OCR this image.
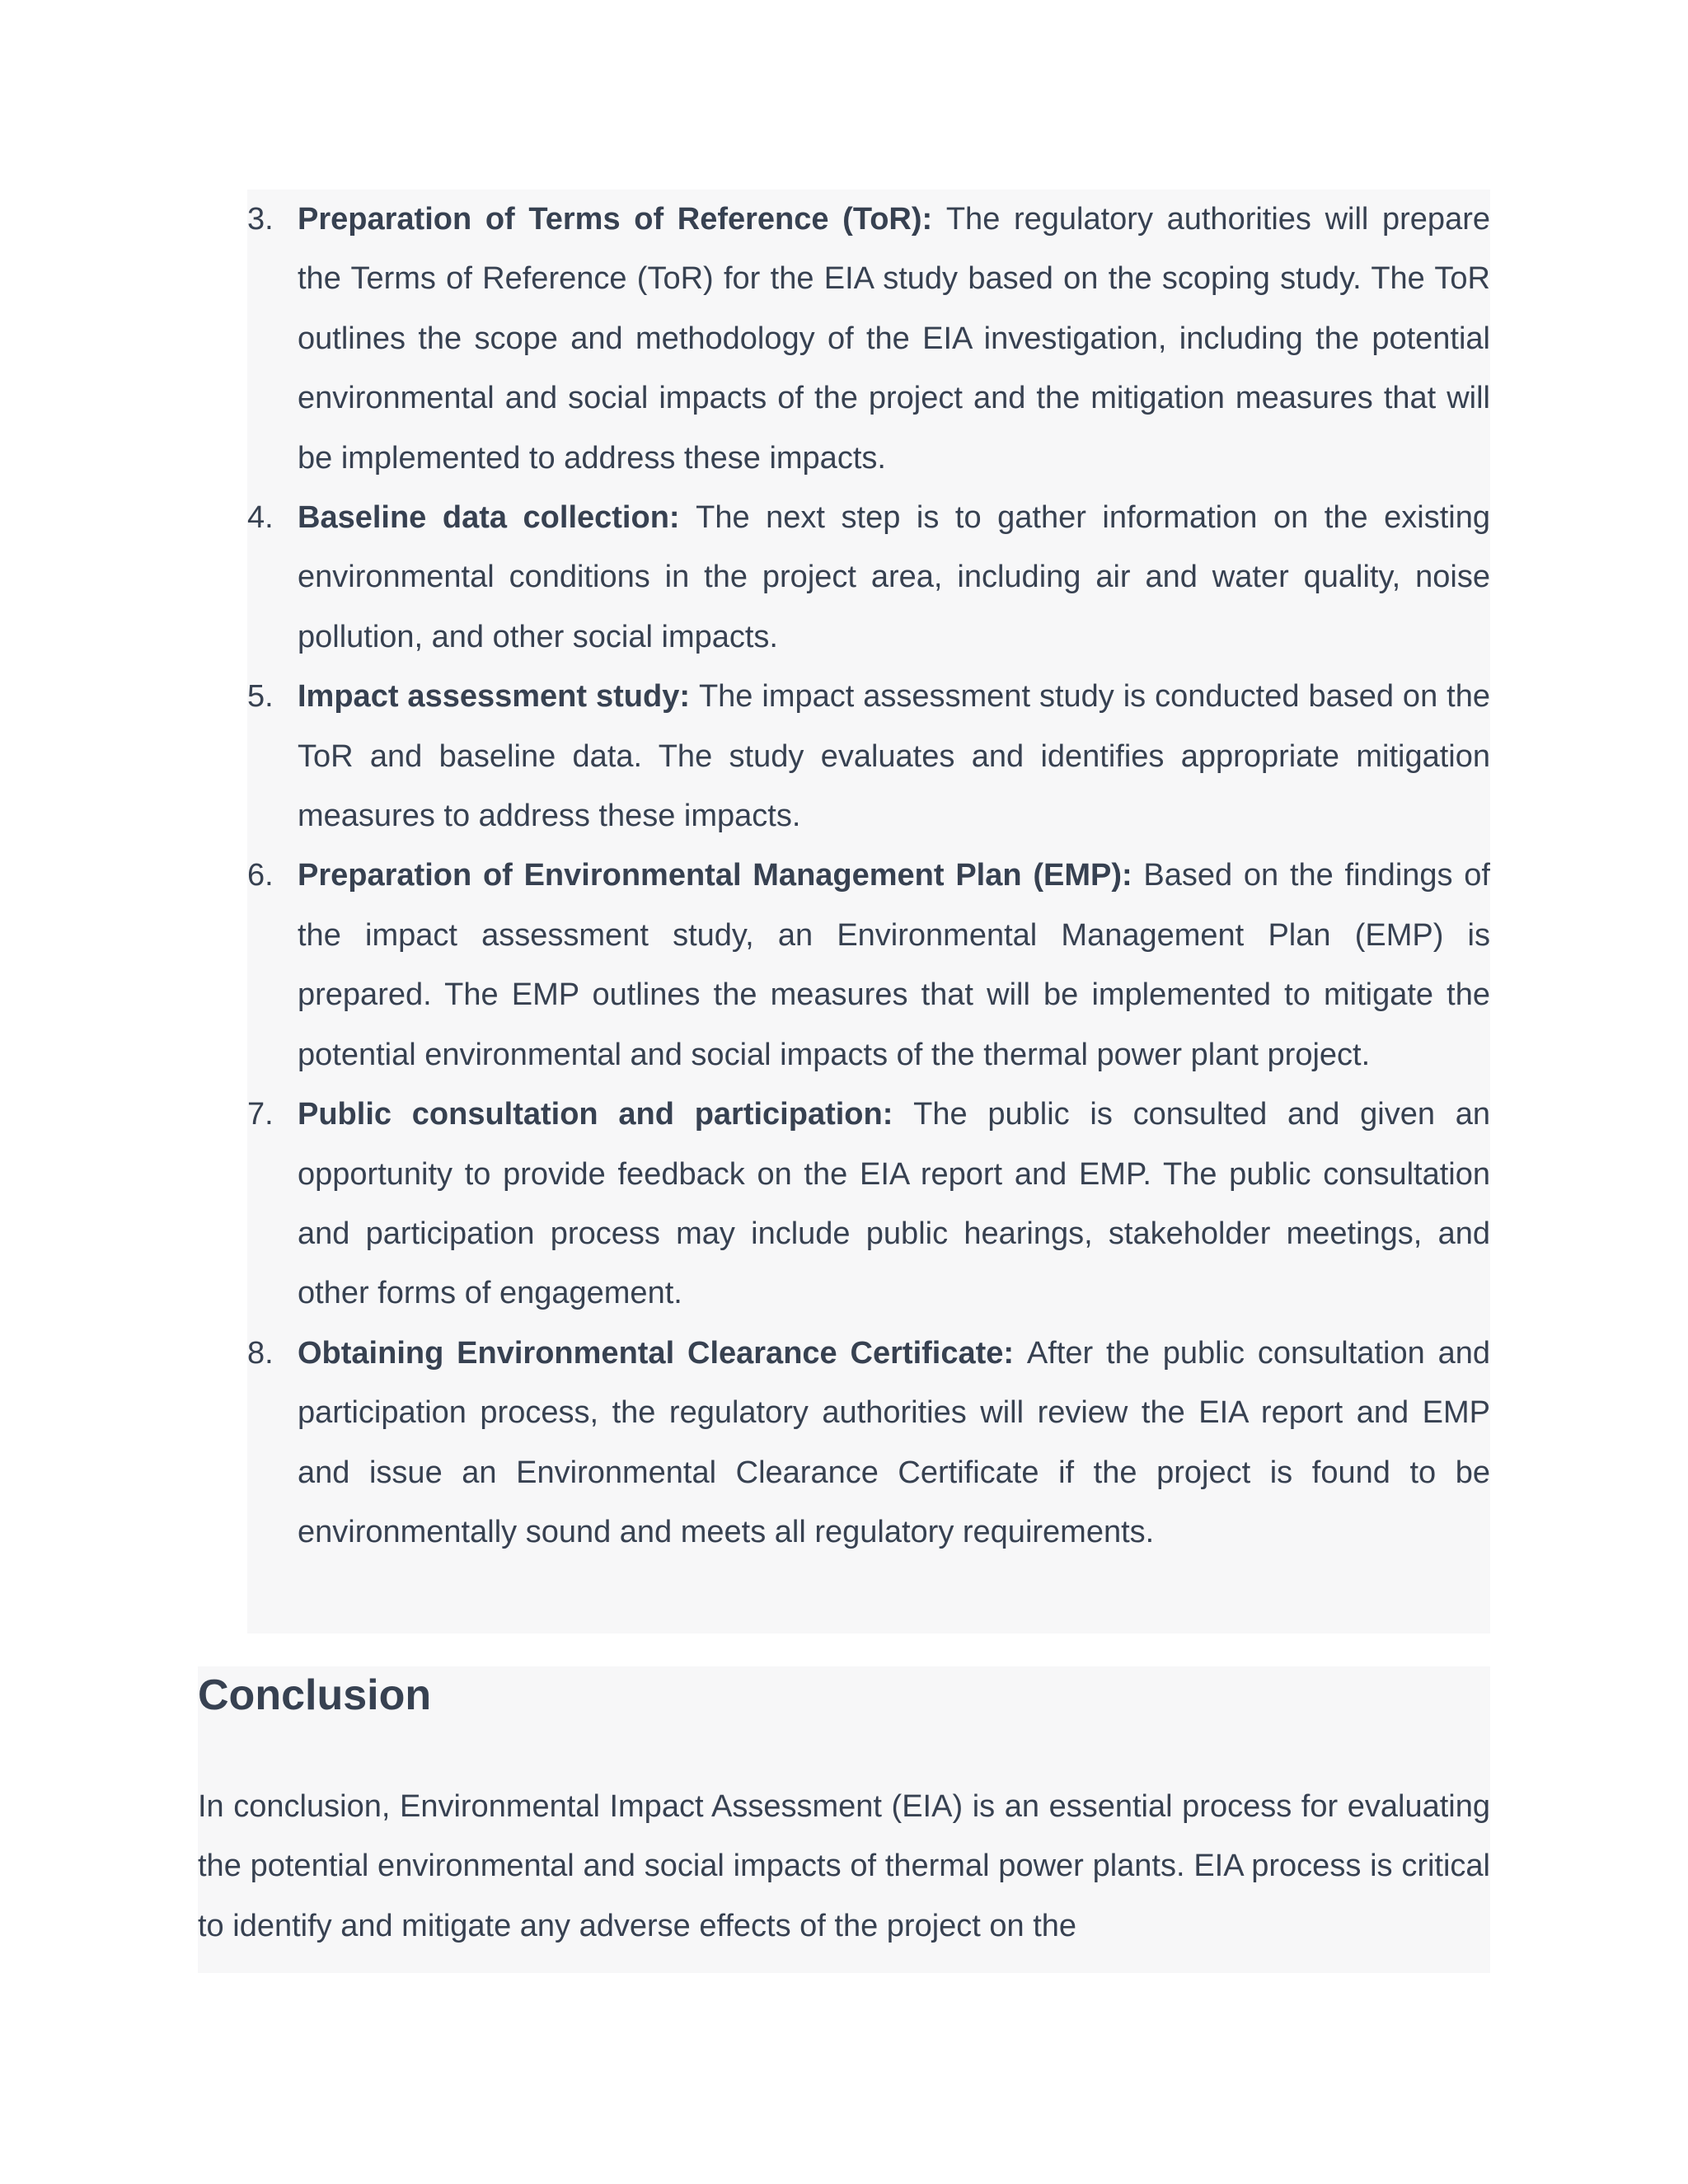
3. Preparation of Terms of Reference (ToR): The regulatory authorities will prepare the Terms of Reference (ToR) for the EIA study based on the scoping study. The ToR outlines the scope and methodology of the EIA investigation, including the potential environmental and social impacts of the project and the mitigation measures that will be implemented to address these impacts.
4. Baseline data collection: The next step is to gather information on the existing environmental conditions in the project area, including air and water quality, noise pollution, and other social impacts.
5. Impact assessment study: The impact assessment study is conducted based on the ToR and baseline data. The study evaluates and identifies appropriate mitigation measures to address these impacts.
6. Preparation of Environmental Management Plan (EMP): Based on the findings of the impact assessment study, an Environmental Management Plan (EMP) is prepared. The EMP outlines the measures that will be implemented to mitigate the potential environmental and social impacts of the thermal power plant project.
7. Public consultation and participation: The public is consulted and given an opportunity to provide feedback on the EIA report and EMP. The public consultation and participation process may include public hearings, stakeholder meetings, and other forms of engagement.
8. Obtaining Environmental Clearance Certificate: After the public consultation and participation process, the regulatory authorities will review the EIA report and EMP and issue an Environmental Clearance Certificate if the project is found to be environmentally sound and meets all regulatory requirements.
Conclusion

In conclusion, Environmental Impact Assessment (EIA) is an essential process for evaluating the potential environmental and social impacts of thermal power plants. EIA process is critical to identify and mitigate any adverse effects of the project on the
